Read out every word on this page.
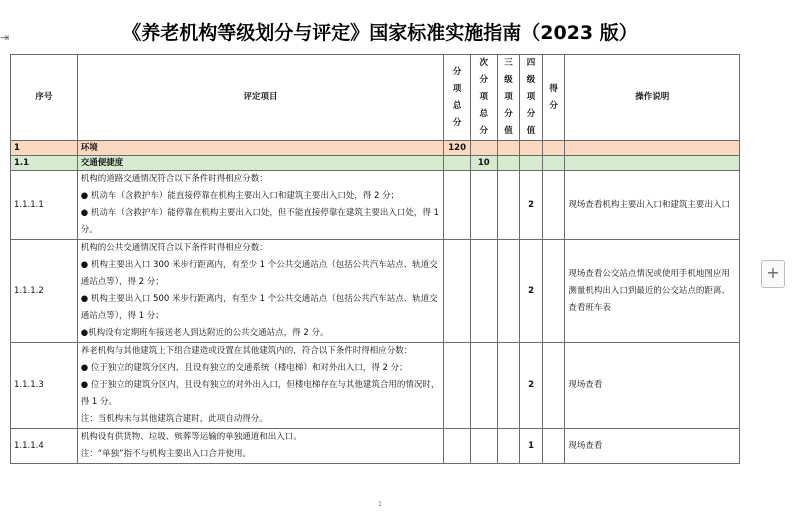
⇥	《养老机构等级划分与评定》国家标准实施指南（2023 版）
序号	评定项目	分
项
总
分	次
分
项
总
分	三
级
项
分
值	四
级
项
分
值	得
分	操作说明
1	环境	120					
1.1	交通便捷度		10				
1.1.1.1	机构的道路交通情况符合以下条件时得相应分数：
● 机动车（含救护车）能直接停靠在机构主要出入口和建筑主要出入口处，得 2 分；
● 机动车（含救护车）能停靠在机构主要出入口处，但不能直接停靠在建筑主要出入口处，得 1 分。				2		现场查看机构主要出入口和建筑主要出入口
1.1.1.2	机构的公共交通情况符合以下条件时得相应分数：
● 机构主要出入口 300 米步行距离内，有至少 1 个公共交通站点（包括公共汽车站点、轨道交通站点等），得 2 分；
● 机构主要出入口 500 米步行距离内，有至少 1 个公共交通站点（包括公共汽车站点、轨道交通站点等），得 1 分；
●机构设有定期班车接送老人到达附近的公共交通站点，得 2 分。				2		现场查看公交站点情况或使用手机地图应用测量机构出入口到最近的公交站点的距离、查看班车表
1.1.1.3	养老机构与其他建筑上下组合建造或设置在其他建筑内的，符合以下条件时得相应分数：
● 位于独立的建筑分区内，且设有独立的交通系统（楼电梯）和对外出入口，得 2 分；
● 位于独立的建筑分区内，且设有独立的对外出入口，但楼电梯存在与其他建筑合用的情况时，得 1 分。
注：当机构未与其他建筑合建时，此项自动得分。				2		现场查看
1.1.1.4	机构设有供货物、垃圾、殡葬等运输的单独通道和出入口。
注：“单独”指不与机构主要出入口合并使用。				1		现场查看
+
1
